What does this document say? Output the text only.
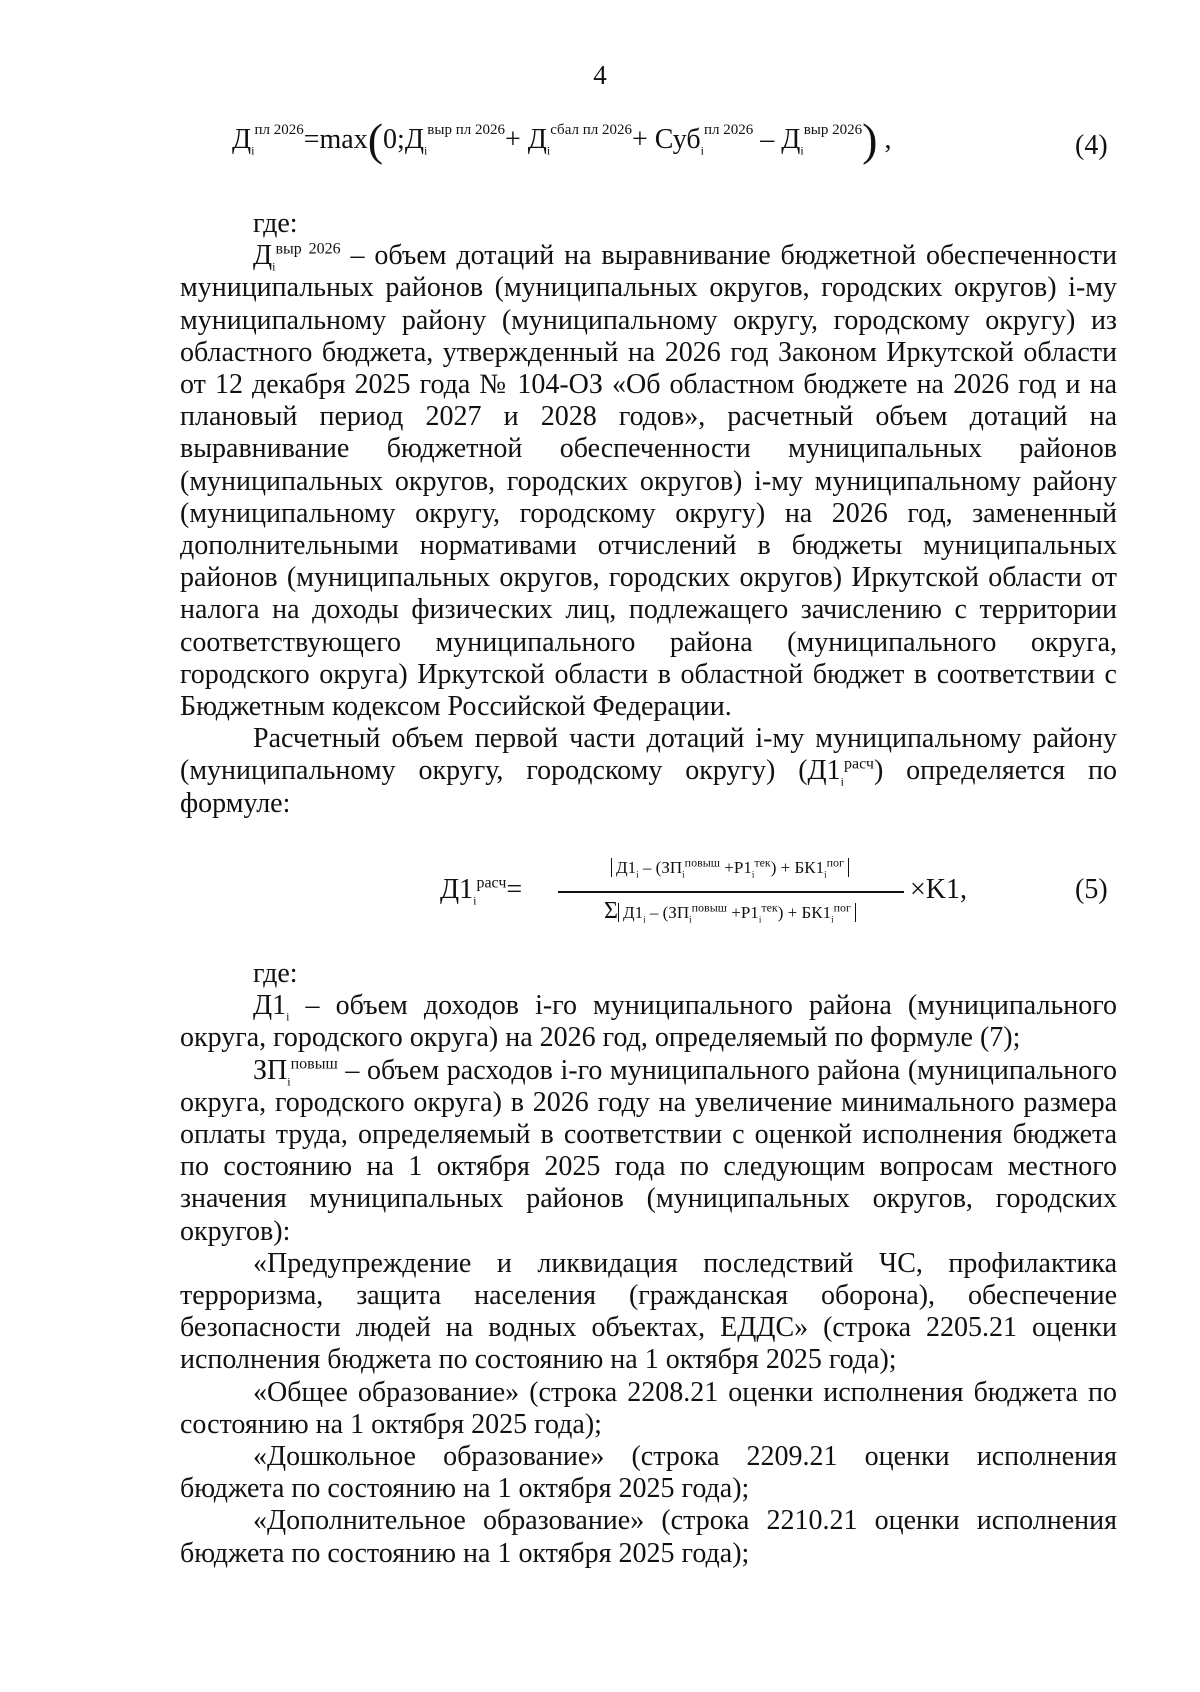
4
$Д_i^{пл 2026}=\max(0;Д_i^{выр пл 2026}+ Д_i^{сбал пл 2026}+ Суб_i^{пл 2026} - Д_i^{выр 2026})$ ,	(4)

где:

$Д_i^{выр 2026}$ – объем дотаций на выравнивание бюджетной обеспеченности муниципальных районов (муниципальных округов, городских округов) i-му муниципальному району (муниципальному округу, городскому округу) из областного бюджета, утвержденный на 2026 год Законом Иркутской области от 12 декабря 2025 года № 104-ОЗ «Об областном бюджете на 2026 год и на плановый период 2027 и 2028 годов», расчетный объем дотаций на выравнивание бюджетной обеспеченности муниципальных районов (муниципальных округов, городских округов) i-му муниципальному району (муниципальному округу, городскому округу) на 2026 год, замененный дополнительными нормативами отчислений в бюджеты муниципальных районов (муниципальных округов, городских округов) Иркутской области от налога на доходы физических лиц, подлежащего зачислению с территории соответствующего муниципального района (муниципального округа, городского округа) Иркутской области в областной бюджет в соответствии с Бюджетным кодексом Российской Федерации.

Расчетный объем первой части дотаций i-му муниципальному району (муниципальному округу, городскому округу) $(Д1_i^{расч})$ определяется по формуле:

$Д1_i^{расч}=$
$Д1_i - (ЗП_i^{повыш} +Р1_i^{тек}) + БК1_i^{пог}$
Σ $Д1_i - (ЗП_i^{повыш} +Р1_i^{тек}) + БК1_i^{пог}$
×K1,	(5)

где:

$Д1_i$ – объем доходов i-го муниципального района (муниципального округа, городского округа) на 2026 год, определяемый по формуле (7);

$ЗП_i^{повыш}$ – объем расходов i-го муниципального района (муниципального округа, городского округа) в 2026 году на увеличение минимального размера оплаты труда, определяемый в соответствии с оценкой исполнения бюджета по состоянию на 1 октября 2025 года по следующим вопросам местного значения муниципальных районов (муниципальных округов, городских округов):

«Предупреждение и ликвидация последствий ЧС, профилактика терроризма, защита населения (гражданская оборона), обеспечение безопасности людей на водных объектах, ЕДДС» (строка 2205.21 оценки исполнения бюджета по состоянию на 1 октября 2025 года);

«Общее образование» (строка 2208.21 оценки исполнения бюджета по состоянию на 1 октября 2025 года);

«Дошкольное образование» (строка 2209.21 оценки исполнения бюджета по состоянию на 1 октября 2025 года);

«Дополнительное образование» (строка 2210.21 оценки исполнения бюджета по состоянию на 1 октября 2025 года);
